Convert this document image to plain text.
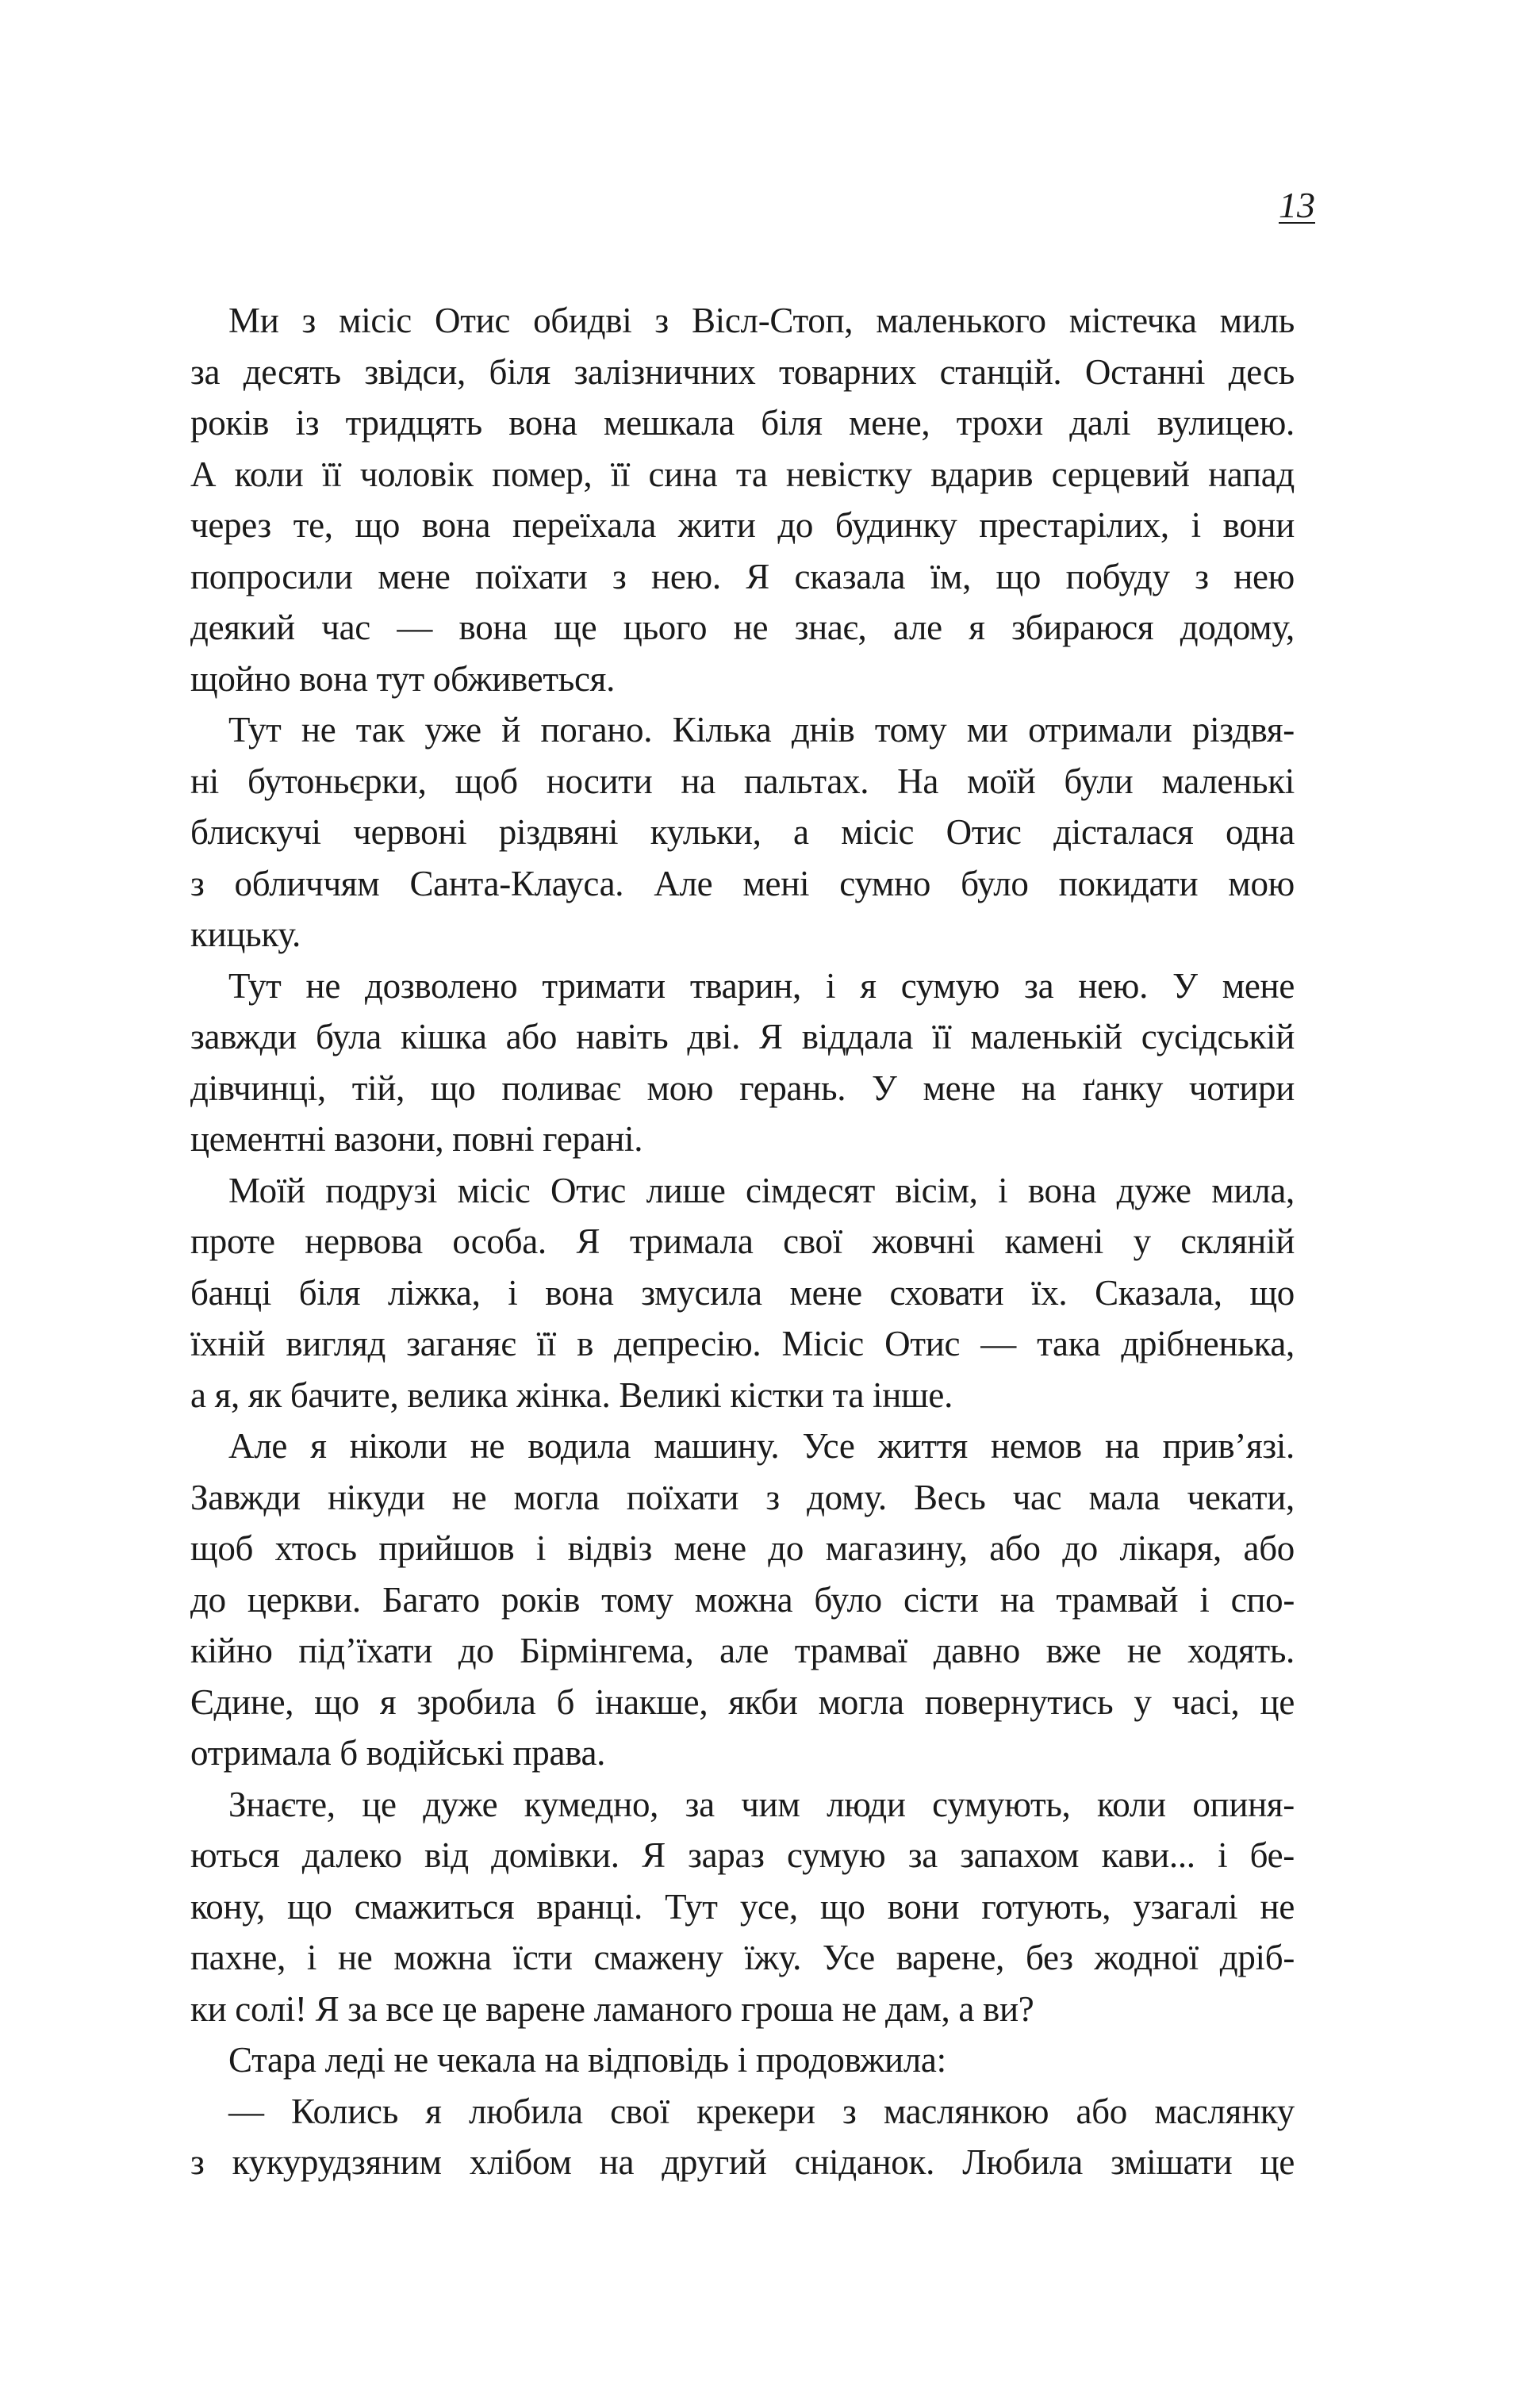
13
Ми з місіс Отис обидві з Вісл-Стоп, маленького містечка миль
за десять звідси, біля залізничних товарних станцій. Останні десь
років із тридцять вона мешкала біля мене, трохи далі вулицею.
А коли її чоловік помер, її сина та невістку вдарив серцевий напад
через те, що вона переїхала жити до будинку престарілих, і вони
попросили мене поїхати з нею. Я сказала їм, що побуду з нею
деякий час — вона ще цього не знає, але я збираюся додому,
щойно вона тут обживеться.
Тут не так уже й погано. Кілька днів тому ми отримали різдвя-
ні бутоньєрки, щоб носити на пальтах. На моїй були маленькі
блискучі червоні різдвяні кульки, а місіс Отис дісталася одна
з обличчям Санта-Клауса. Але мені сумно було покидати мою
кицьку.
Тут не дозволено тримати тварин, і я сумую за нею. У мене
завжди була кішка або навіть дві. Я віддала її маленькій сусідській
дівчинці, тій, що поливає мою герань. У мене на ґанку чотири
цементні вазони, повні герані.
Моїй подрузі місіс Отис лише сімдесят вісім, і вона дуже мила,
проте нервова особа. Я тримала свої жовчні камені у скляній
банці біля ліжка, і вона змусила мене сховати їх. Сказала, що
їхній вигляд заганяє її в депресію. Місіс Отис — така дрібненька,
а я, як бачите, велика жінка. Великі кістки та інше.
Але я ніколи не водила машину. Усе життя немов на прив’язі.
Завжди нікуди не могла поїхати з дому. Весь час мала чекати,
щоб хтось прийшов і відвіз мене до магазину, або до лікаря, або
до церкви. Багато років тому можна було сісти на трамвай і спо-
кійно під’їхати до Бірмінгема, але трамваї давно вже не ходять.
Єдине, що я зробила б інакше, якби могла повернутись у часі, це
отримала б водійські права.
Знаєте, це дуже кумедно, за чим люди сумують, коли опиня-
ються далеко від домівки. Я зараз сумую за запахом кави... і бе-
кону, що смажиться вранці. Тут усе, що вони готують, узагалі не
пахне, і не можна їсти смажену їжу. Усе варене, без жодної дріб-
ки солі! Я за все це варене ламаного гроша не дам, а ви?
Стара леді не чекала на відповідь і продовжила:
— Колись я любила свої крекери з маслянкою або маслянку
з кукурудзяним хлібом на другий сніданок. Любила змішати це
